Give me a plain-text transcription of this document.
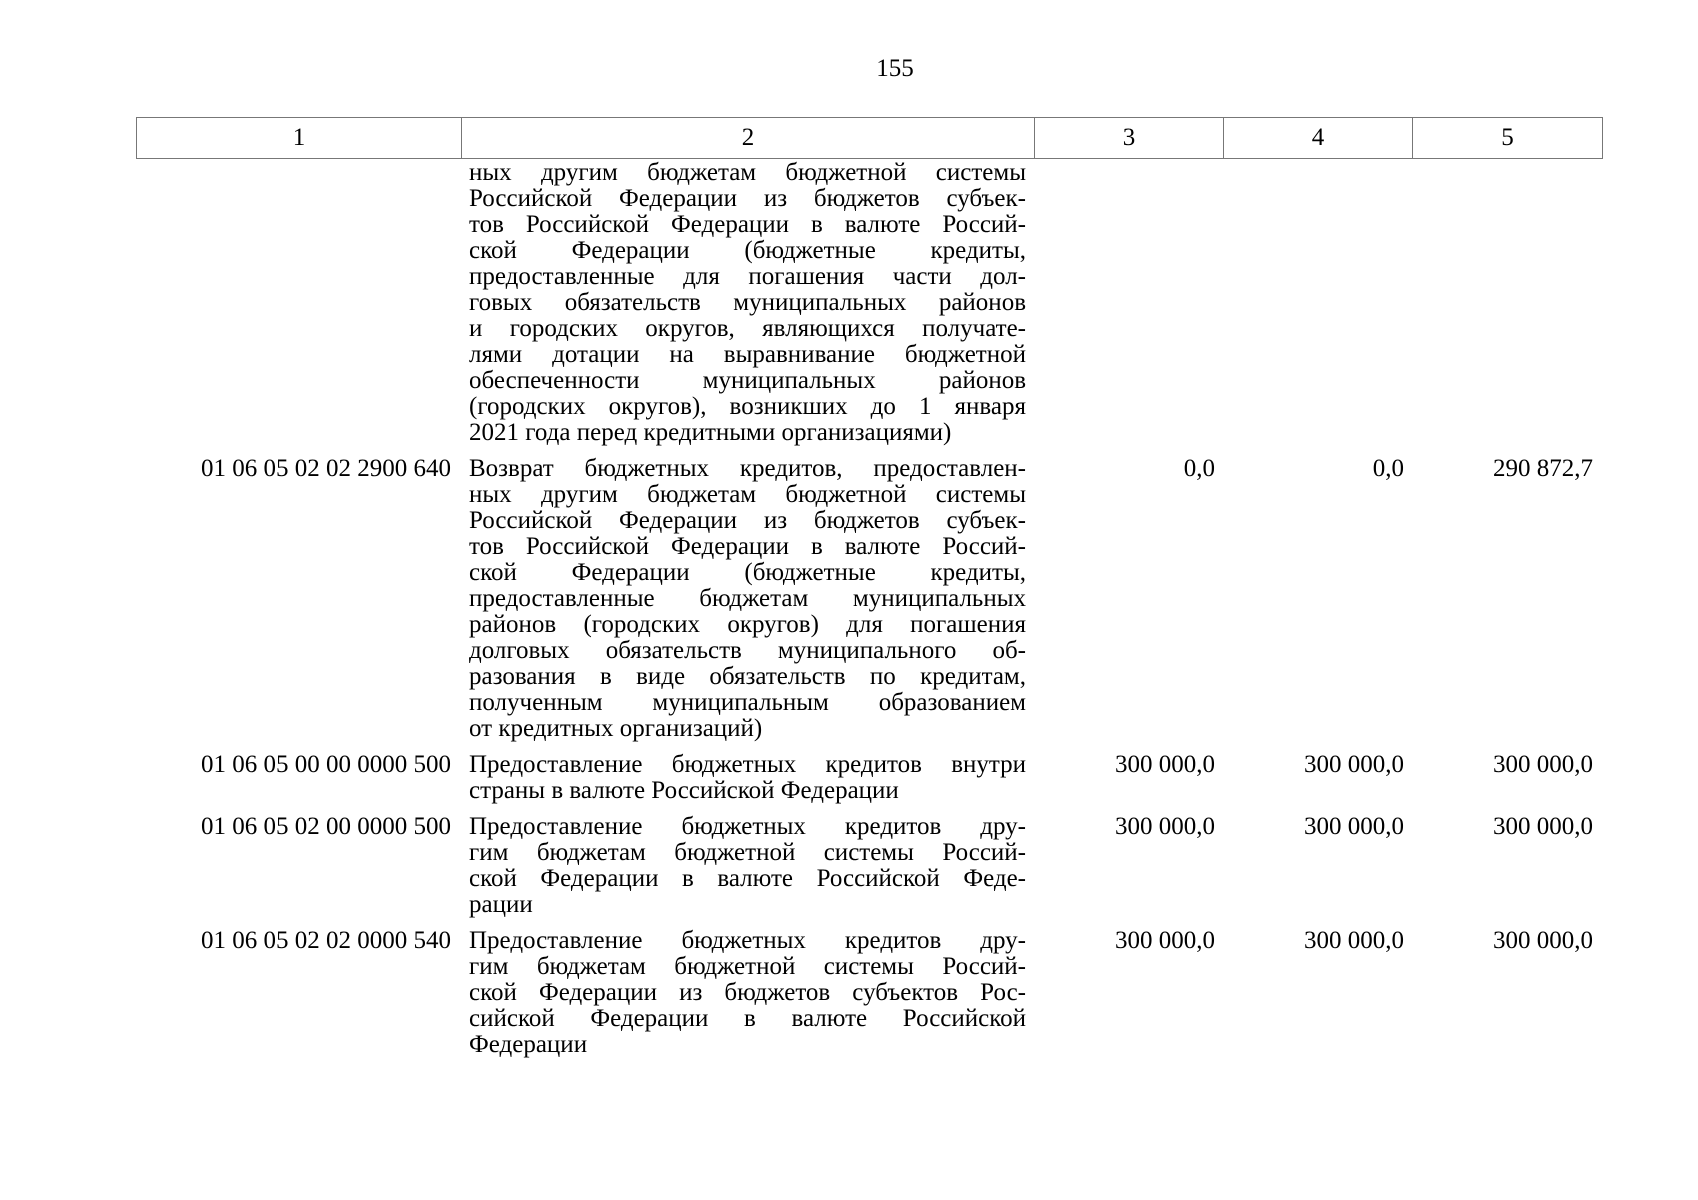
155
1	2	3	4	5
ных другим бюджетам бюджетной системы
Российской Федерации из бюджетов субъек-
тов Российской Федерации в валюте Россий-
ской Федерации (бюджетные кредиты,
предоставленные для погашения части дол-
говых обязательств муниципальных районов
и городских округов, являющихся получате-
лями дотации на выравнивание бюджетной
обеспеченности муниципальных районов
(городских округов), возникших до 1 января
2021 года перед кредитными организациями)
01 06 05 02 02 2900 640 Возврат бюджетных кредитов, предоставлен-
ных другим бюджетам бюджетной системы
Российской Федерации из бюджетов субъек-
тов Российской Федерации в валюте Россий-
ской Федерации (бюджетные кредиты,
предоставленные бюджетам муниципальных
районов (городских округов) для погашения
долговых обязательств муниципального об-
разования в виде обязательств по кредитам,
полученным муниципальным образованием
от кредитных организаций)
0,0	0,0	290 872,7
01 06 05 00 00 0000 500 Предоставление бюджетных кредитов внутри
страны в валюте Российской Федерации
300 000,0	300 000,0	300 000,0
01 06 05 02 00 0000 500 Предоставление бюджетных кредитов дру-
гим бюджетам бюджетной системы Россий-
ской Федерации в валюте Российской Феде-
рации
300 000,0	300 000,0	300 000,0
01 06 05 02 02 0000 540 Предоставление бюджетных кредитов дру-
гим бюджетам бюджетной системы Россий-
ской Федерации из бюджетов субъектов Рос-
сийской Федерации в валюте Российской
Федерации
300 000,0	300 000,0	300 000,0
